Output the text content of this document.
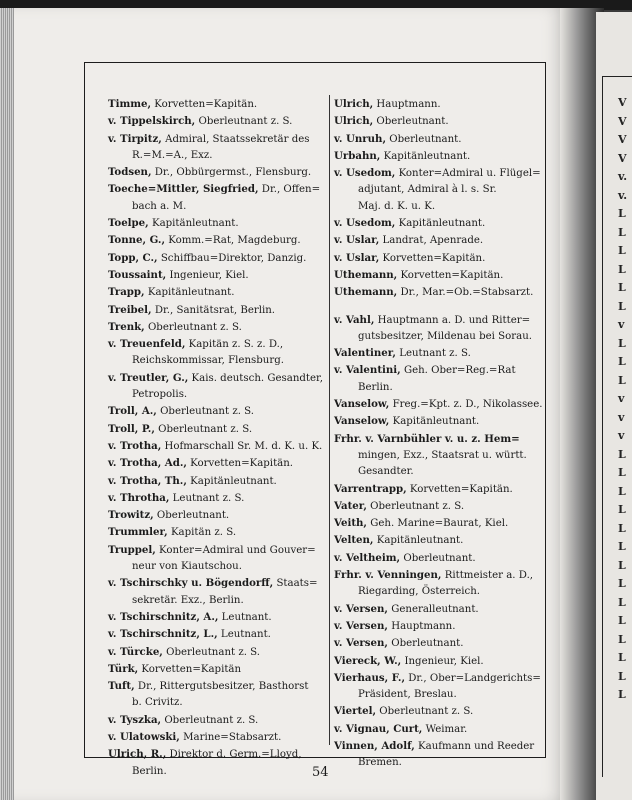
V
V
V
V
v.
v.
L
L
L
L
L
L
v
L
L
L
v
v
v
L
L
L
L
L
L
L
L
L
L
L
L
L
L
Timme, Korvetten=Kapitän.
v. Tippelskirch, Oberleutnant z. S.
v. Tirpitz, Admiral, Staatssekretär des
R.=M.=A., Exz.
Todsen, Dr., Obbürgermst., Flensburg.
Toeche=Mittler, Siegfried, Dr., Offen=
bach a. M.
Toelpe, Kapitänleutnant.
Tonne, G., Komm.=Rat, Magdeburg.
Topp, C., Schiffbau=Direktor, Danzig.
Toussaint, Ingenieur, Kiel.
Trapp, Kapitänleutnant.
Treibel, Dr., Sanitätsrat, Berlin.
Trenk, Oberleutnant z. S.
v. Treuenfeld, Kapitän z. S. z. D.,
Reichskommissar, Flensburg.
v. Treutler, G., Kais. deutsch. Gesandter,
Petropolis.
Troll, A., Oberleutnant z. S.
Troll, P., Oberleutnant z. S.
v. Trotha, Hofmarschall Sr. M. d. K. u. K.
v. Trotha, Ad., Korvetten=Kapitän.
v. Trotha, Th., Kapitänleutnant.
v. Throtha, Leutnant z. S.
Trowitz, Oberleutnant.
Trummler, Kapitän z. S.
Truppel, Konter=Admiral und Gouver=
neur von Kiautschou.
v. Tschirschky u. Bögendorff, Staats=
sekretär. Exz., Berlin.
v. Tschirschnitz, A., Leutnant.
v. Tschirschnitz, L., Leutnant.
v. Türcke, Oberleutnant z. S.
Türk, Korvetten=Kapitän
Tuft, Dr., Rittergutsbesitzer, Basthorst
b. Crivitz.
v. Tyszka, Oberleutnant z. S.
v. Ulatowski, Marine=Stabsarzt.
Ulrich, R., Direktor d. Germ.=Lloyd,
Berlin.
Ulrich, Hauptmann.
Ulrich, Oberleutnant.
v. Unruh, Oberleutnant.
Urbahn, Kapitänleutnant.
v. Usedom, Konter=Admiral u. Flügel=
adjutant, Admiral à l. s. Sr.
Maj. d. K. u. K.
v. Usedom, Kapitänleutnant.
v. Uslar, Landrat, Apenrade.
v. Uslar, Korvetten=Kapitän.
Uthemann, Korvetten=Kapitän.
Uthemann, Dr., Mar.=Ob.=Stabsarzt.
v. Vahl, Hauptmann a. D. und Ritter=
gutsbesitzer, Mildenau bei Sorau.
Valentiner, Leutnant z. S.
v. Valentini, Geh. Ober=Reg.=Rat
Berlin.
Vanselow, Freg.=Kpt. z. D., Nikolassee.
Vanselow, Kapitänleutnant.
Frhr. v. Varnbühler v. u. z. Hem=
mingen, Exz., Staatsrat u. württ.
Gesandter.
Varrentrapp, Korvetten=Kapitän.
Vater, Oberleutnant z. S.
Veith, Geh. Marine=Baurat, Kiel.
Velten, Kapitänleutnant.
v. Veltheim, Oberleutnant.
Frhr. v. Venningen, Rittmeister a. D.,
Riegarding, Österreich.
v. Versen, Generalleutnant.
v. Versen, Hauptmann.
v. Versen, Oberleutnant.
Viereck, W., Ingenieur, Kiel.
Vierhaus, F., Dr., Ober=Landgerichts=
Präsident, Breslau.
Viertel, Oberleutnant z. S.
v. Vignau, Curt, Weimar.
Vinnen, Adolf, Kaufmann und Reeder
Bremen.
54
